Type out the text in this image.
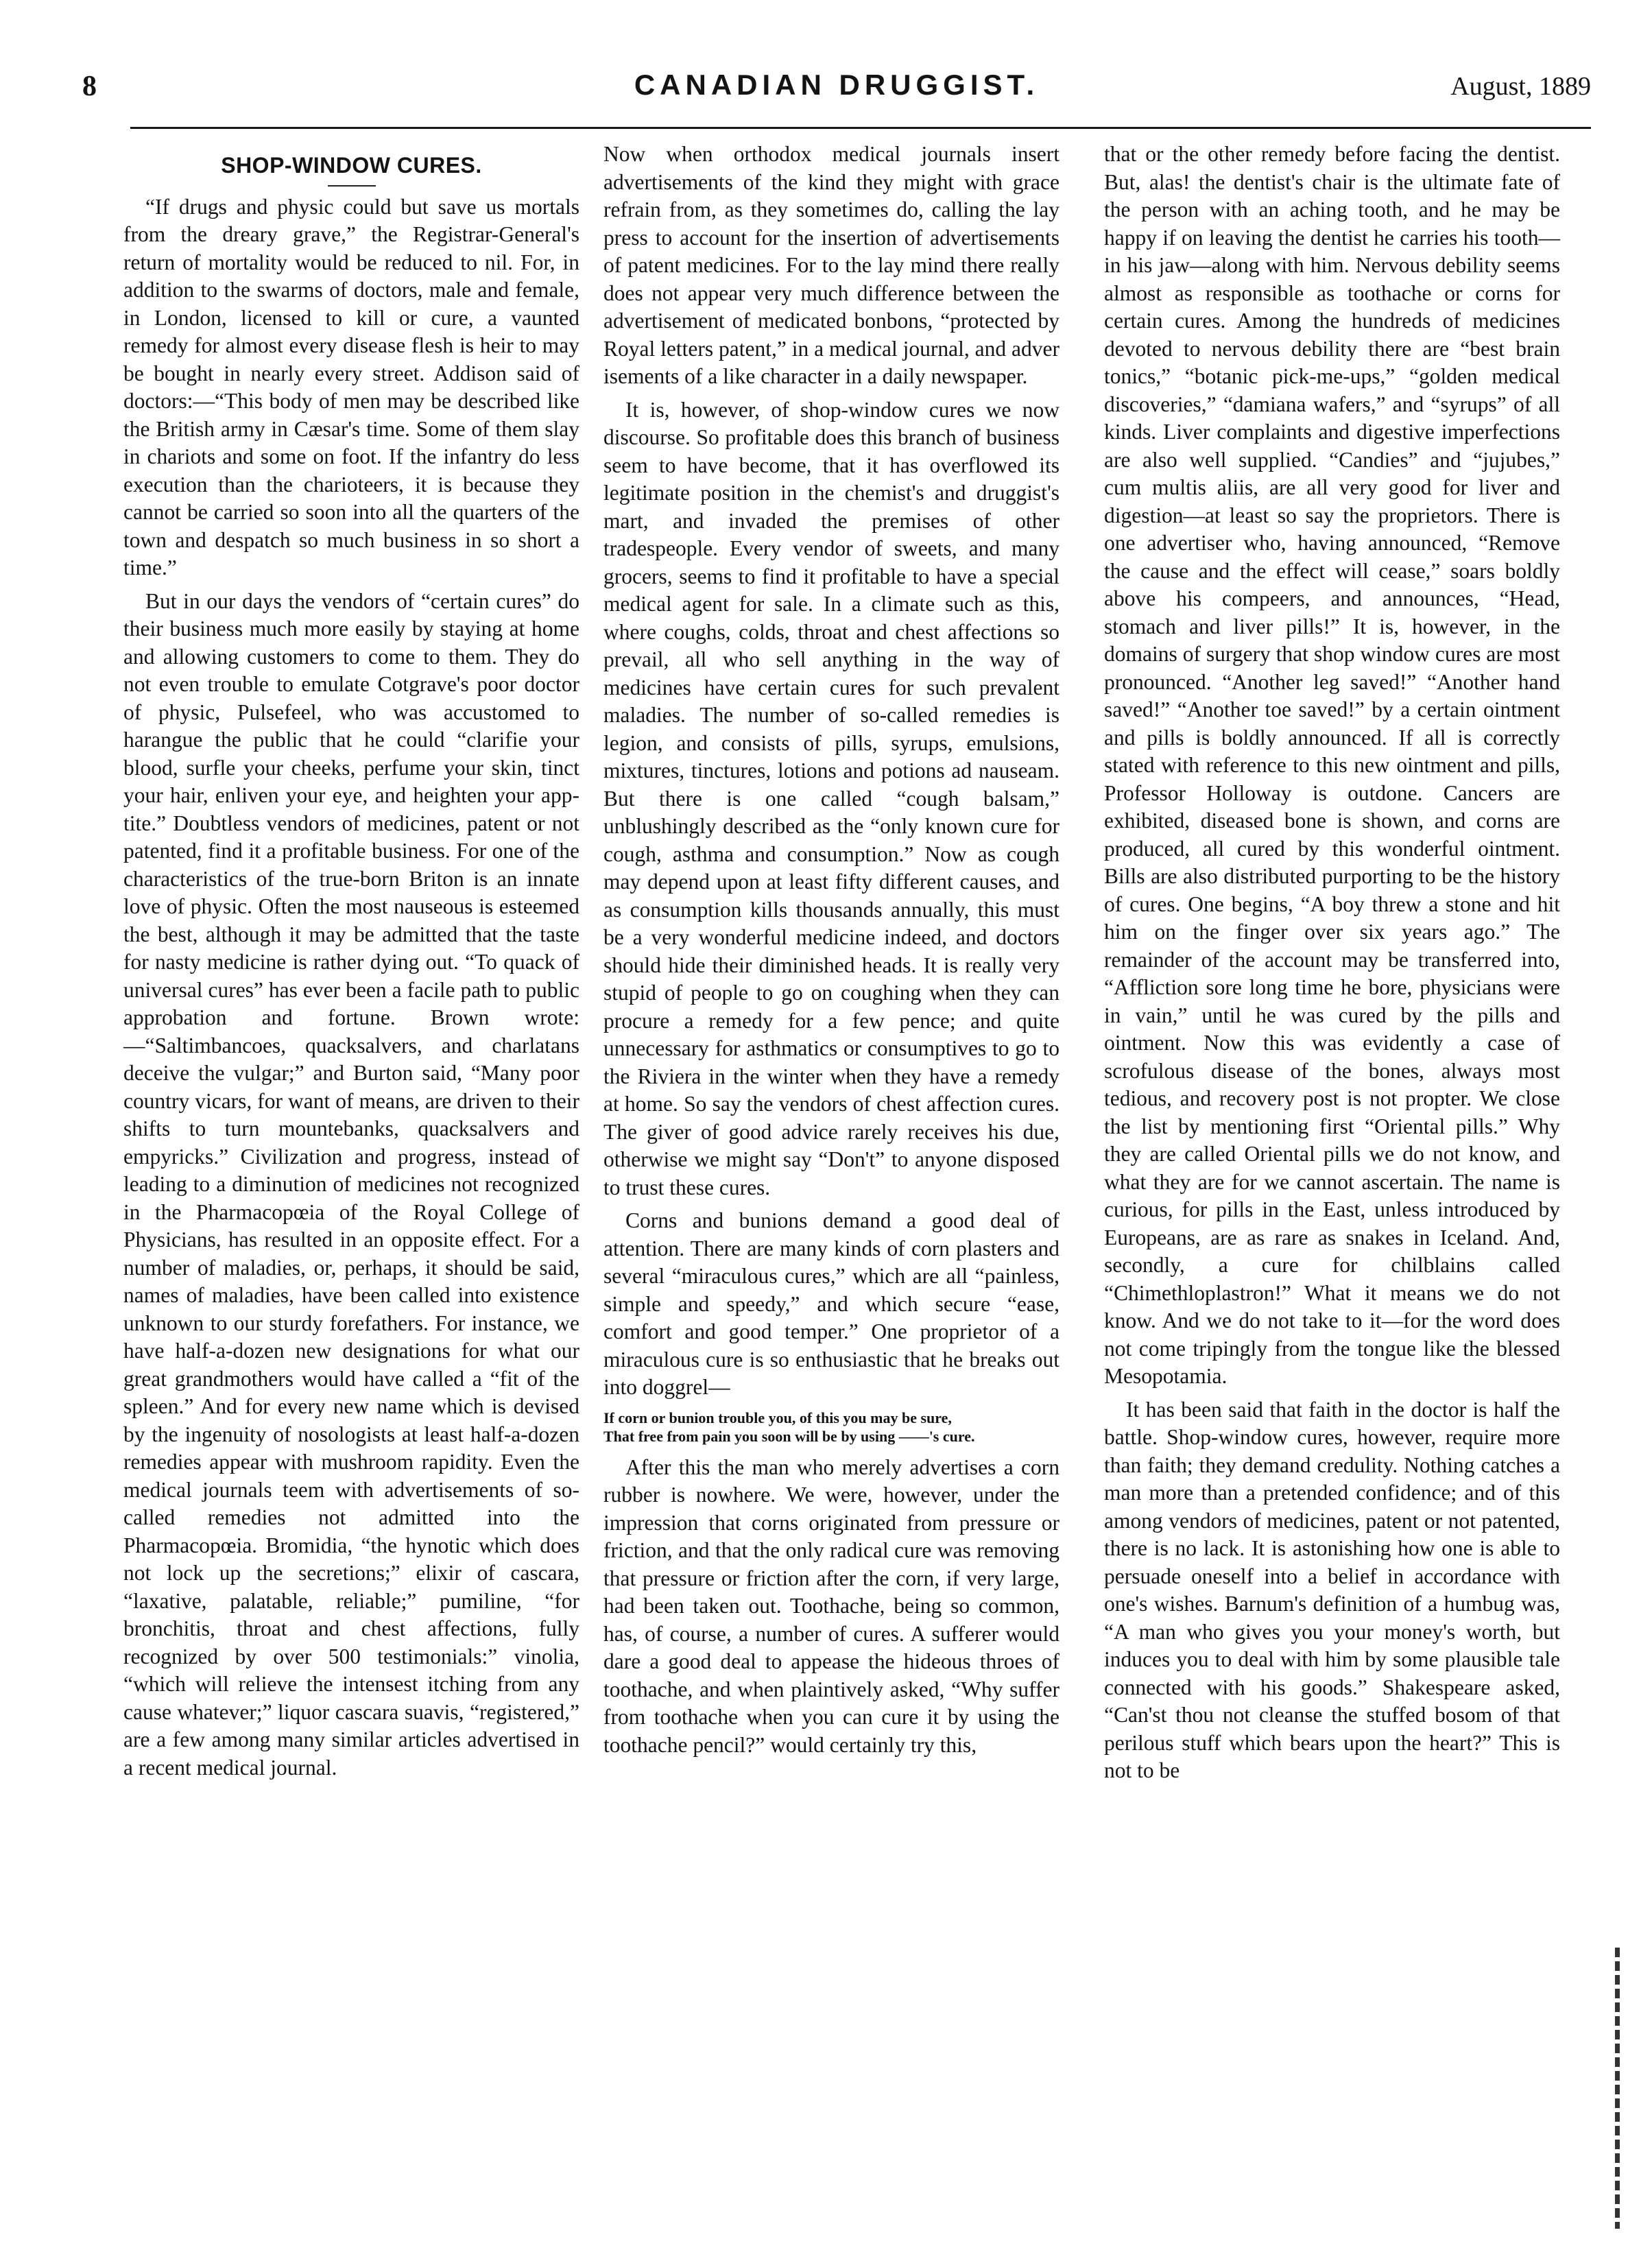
8	CANADIAN DRUGGIST.	August, 1889
SHOP-WINDOW CURES.

“If drugs and physic could but save us mortals from the dreary grave,” the Registrar-General's return of mortality would be reduced to nil. For, in addition to the swarms of doctors, male and female, in London, licensed to kill or cure, a vaunted remedy for almost every disease flesh is heir to may be bought in nearly every street. Addison said of doctors:—“This body of men may be described like the British army in Cæsar's time. Some of them slay in chariots and some on foot. If the infantry do less execution than the charioteers, it is because they cannot be carried so soon into all the quarters of the town and despatch so much business in so short a time.”

But in our days the vendors of “certain cures” do their business much more easily by staying at home and allowing customers to come to them. They do not even trouble to emulate Cotgrave's poor doctor of physic, Pulsefeel, who was accustomed to harangue the public that he could “clarifie your blood, surfle your cheeks, perfume your skin, tinct your hair, enliven your eye, and heighten your app-tite.” Doubtless vendors of medicines, patent or not patented, find it a profitable business. For one of the characteristics of the true-born Briton is an innate love of physic. Often the most nauseous is esteemed the best, although it may be admitted that the taste for nasty medicine is rather dying out. “To quack of universal cures” has ever been a facile path to public approbation and fortune. Brown wrote:—“Saltimbancoes, quacksalvers, and charlatans deceive the vulgar;” and Burton said, “Many poor country vicars, for want of means, are driven to their shifts to turn mountebanks, quacksalvers and empyricks.” Civilization and progress, instead of leading to a diminution of medicines not recognized in the Pharmacopœia of the Royal College of Physicians, has resulted in an opposite effect. For a number of maladies, or, perhaps, it should be said, names of maladies, have been called into existence unknown to our sturdy forefathers. For instance, we have half-a-dozen new designations for what our great grandmothers would have called a “fit of the spleen.” And for every new name which is devised by the ingenuity of nosologists at least half-a-dozen remedies appear with mushroom rapidity. Even the medical journals teem with advertisements of so-called remedies not admitted into the Pharmacopœia. Bromidia, “the hynotic which does not lock up the secretions;” elixir of cascara, “laxative, palatable, reliable;” pumiline, “for bronchitis, throat and chest affections, fully recognized by over 500 testimonials:” vinolia, “which will relieve the intensest itching from any cause whatever;” liquor cascara suavis, “registered,” are a few among many similar articles advertised in a recent medical journal.

Now when orthodox medical journals insert advertisements of the kind they might with grace refrain from, as they sometimes do, calling the lay press to account for the insertion of advertisements of patent medicines. For to the lay mind there really does not appear very much difference between the advertisement of medicated bonbons, “protected by Royal letters patent,” in a medical journal, and adver isements of a like character in a daily newspaper.

It is, however, of shop-window cures we now discourse. So profitable does this branch of business seem to have become, that it has overflowed its legitimate position in the chemist's and druggist's mart, and invaded the premises of other tradespeople. Every vendor of sweets, and many grocers, seems to find it profitable to have a special medical agent for sale. In a climate such as this, where coughs, colds, throat and chest affections so prevail, all who sell anything in the way of medicines have certain cures for such prevalent maladies. The number of so-called remedies is legion, and consists of pills, syrups, emulsions, mixtures, tinctures, lotions and potions ad nauseam. But there is one called “cough balsam,” unblushingly described as the “only known cure for cough, asthma and consumption.” Now as cough may depend upon at least fifty different causes, and as consumption kills thousands annually, this must be a very wonderful medicine indeed, and doctors should hide their diminished heads. It is really very stupid of people to go on coughing when they can procure a remedy for a few pence; and quite unnecessary for asthmatics or consumptives to go to the Riviera in the winter when they have a remedy at home. So say the vendors of chest affection cures. The giver of good advice rarely receives his due, otherwise we might say “Don't” to anyone disposed to trust these cures.

Corns and bunions demand a good deal of attention. There are many kinds of corn plasters and several “miraculous cures,” which are all “painless, simple and speedy,” and which secure “ease, comfort and good temper.” One proprietor of a miraculous cure is so enthusiastic that he breaks out into doggrel—

If corn or bunion trouble you, of this you may be sure,
That free from pain you soon will be by using ——'s cure.

After this the man who merely advertises a corn rubber is nowhere. We were, however, under the impression that corns originated from pressure or friction, and that the only radical cure was removing that pressure or friction after the corn, if very large, had been taken out. Toothache, being so common, has, of course, a number of cures. A sufferer would dare a good deal to appease the hideous throes of toothache, and when plaintively asked, “Why suffer from toothache when you can cure it by using the toothache pencil?” would certainly try this,

that or the other remedy before facing the dentist. But, alas! the dentist's chair is the ultimate fate of the person with an aching tooth, and he may be happy if on leaving the dentist he carries his tooth—in his jaw—along with him. Nervous debility seems almost as responsible as toothache or corns for certain cures. Among the hundreds of medicines devoted to nervous debility there are “best brain tonics,” “botanic pick-me-ups,” “golden medical discoveries,” “damiana wafers,” and “syrups” of all kinds. Liver complaints and digestive imperfections are also well supplied. “Candies” and “jujubes,” cum multis aliis, are all very good for liver and digestion—at least so say the proprietors. There is one advertiser who, having announced, “Remove the cause and the effect will cease,” soars boldly above his compeers, and announces, “Head, stomach and liver pills!” It is, however, in the domains of surgery that shop window cures are most pronounced. “Another leg saved!” “Another hand saved!” “Another toe saved!” by a certain ointment and pills is boldly announced. If all is correctly stated with reference to this new ointment and pills, Professor Holloway is outdone. Cancers are exhibited, diseased bone is shown, and corns are produced, all cured by this wonderful ointment. Bills are also distributed purporting to be the history of cures. One begins, “A boy threw a stone and hit him on the finger over six years ago.” The remainder of the account may be transferred into, “Affliction sore long time he bore, physicians were in vain,” until he was cured by the pills and ointment. Now this was evidently a case of scrofulous disease of the bones, always most tedious, and recovery post is not propter. We close the list by mentioning first “Oriental pills.” Why they are called Oriental pills we do not know, and what they are for we cannot ascertain. The name is curious, for pills in the East, unless introduced by Europeans, are as rare as snakes in Iceland. And, secondly, a cure for chilblains called “Chimethloplastron!” What it means we do not know. And we do not take to it—for the word does not come tripingly from the tongue like the blessed Mesopotamia.

It has been said that faith in the doctor is half the battle. Shop-window cures, however, require more than faith; they demand credulity. Nothing catches a man more than a pretended confidence; and of this among vendors of medicines, patent or not patented, there is no lack. It is astonishing how one is able to persuade oneself into a belief in accordance with one's wishes. Barnum's definition of a humbug was, “A man who gives you your money's worth, but induces you to deal with him by some plausible tale connected with his goods.” Shakespeare asked, “Can'st thou not cleanse the stuffed bosom of that perilous stuff which bears upon the heart?” This is not to be
